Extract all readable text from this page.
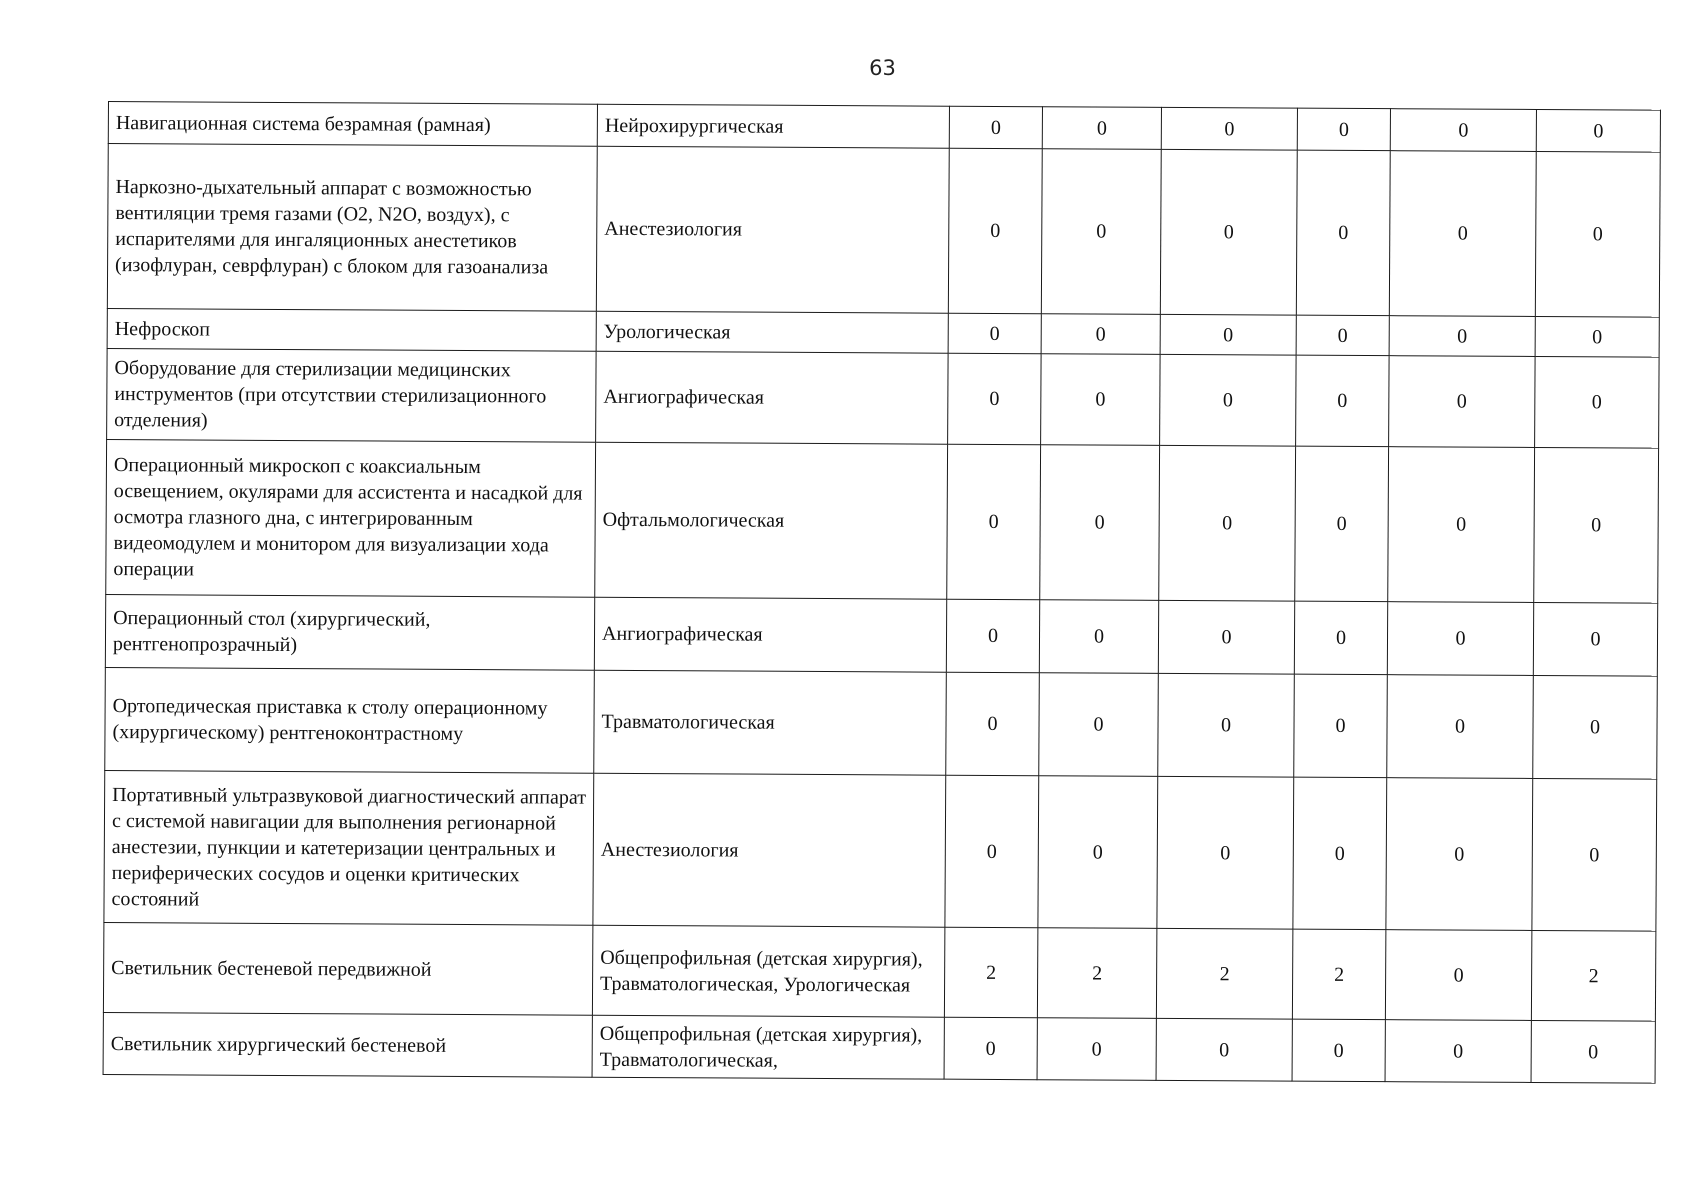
63
Навигационная система безрамная (рамная)	Нейрохирургическая	0	0	0	0	0	0
Наркозно-дыхательный аппарат с возможностью вентиляции тремя газами (О2, N2O, воздух), с испарителями для ингаляционных анестетиков (изофлуран, севрфлуран) с блоком для газоанализа	Анестезиология	0	0	0	0	0	0
Нефроскоп	Урологическая	0	0	0	0	0	0
Оборудование для стерилизации медицинских инструментов (при отсутствии стерилизационного отделения)	Ангиографическая	0	0	0	0	0	0
Операционный микроскоп с коаксиальным освещением, окулярами для ассистента и насадкой для осмотра глазного дна, с интегрированным видеомодулем и монитором для визуализации хода операции	Офтальмологическая	0	0	0	0	0	0
Операционный стол (хирургический, рентгенопрозрачный)	Ангиографическая	0	0	0	0	0	0
Ортопедическая приставка к столу операционному (хирургическому) рентгеноконтрастному	Травматологическая	0	0	0	0	0	0
Портативный ультразвуковой диагностический аппарат с системой навигации для выполнения регионарной анестезии, пункции и катетеризации центральных и периферических сосудов и оценки критических состояний	Анестезиология	0	0	0	0	0	0
Светильник бестеневой передвижной	Общепрофильная (детская хирургия), Травматологическая, Урологическая	2	2	2	2	0	2
Светильник хирургический бестеневой	Общепрофильная (детская хирургия), Травматологическая,	0	0	0	0	0	0
